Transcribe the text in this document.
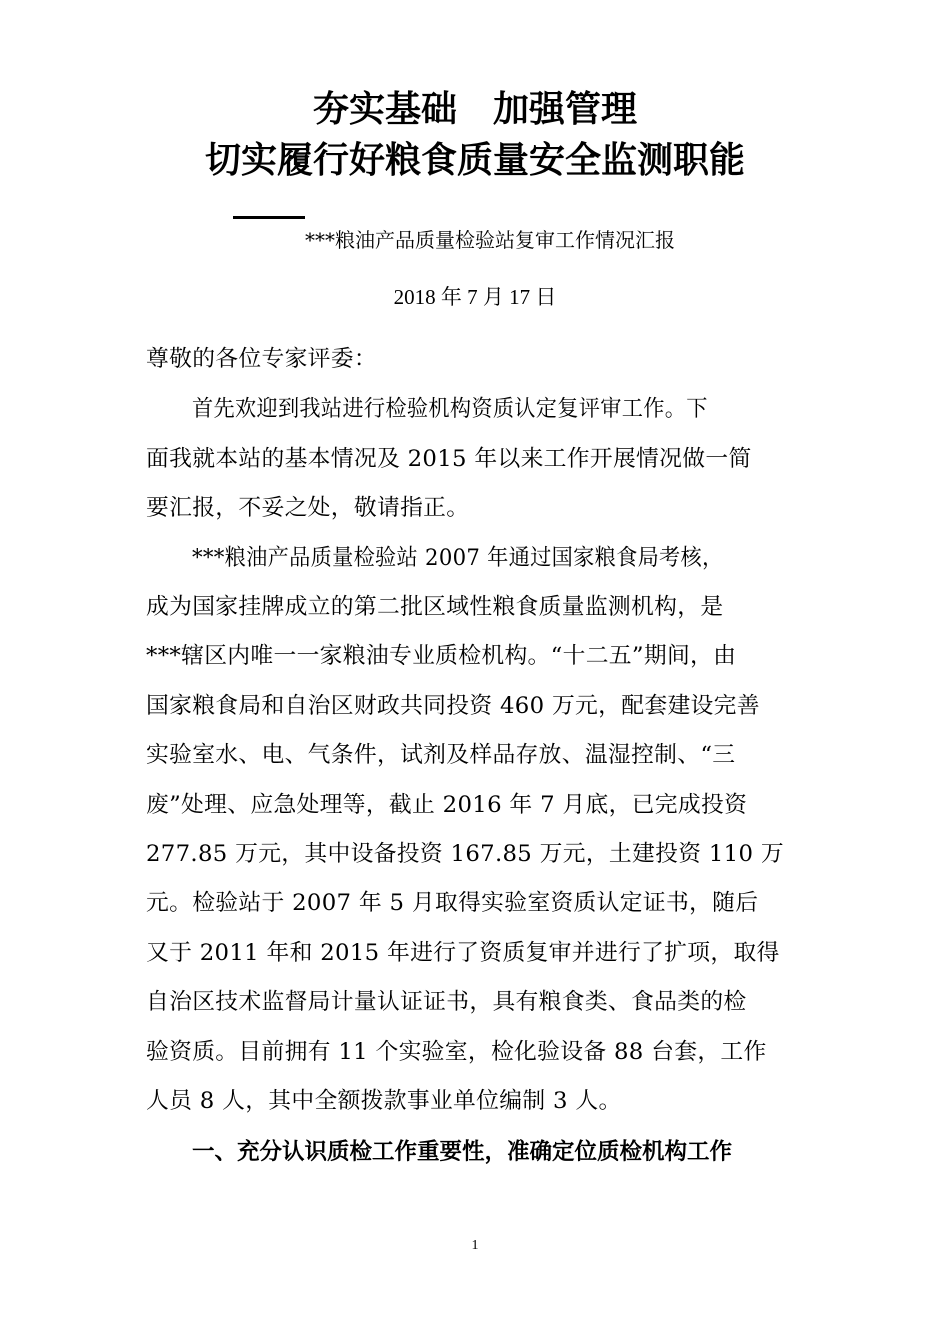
夯实基础　加强管理
切实履行好粮食质量安全监测职能
***粮油产品质量检验站复审工作情况汇报
2018 年 7 月 17 日
尊敬的各位专家评委：
首先欢迎到我站进行检验机构资质认定复评审工作。下
面我就本站的基本情况及 2015 年以来工作开展情况做一简
要汇报，不妥之处，敬请指正。
***粮油产品质量检验站 2007 年通过国家粮食局考核，
成为国家挂牌成立的第二批区域性粮食质量监测机构，是
***辖区内唯一一家粮油专业质检机构。“十二五”期间，由
国家粮食局和自治区财政共同投资 460 万元，配套建设完善
实验室水、电、气条件，试剂及样品存放、温湿控制、“三
废”处理、应急处理等，截止 2016 年 7 月底，已完成投资
277.85 万元，其中设备投资 167.85 万元，土建投资 110 万
元。检验站于 2007 年 5 月取得实验室资质认定证书，随后
又于 2011 年和 2015 年进行了资质复审并进行了扩项，取得
自治区技术监督局计量认证证书，具有粮食类、食品类的检
验资质。目前拥有 11 个实验室，检化验设备 88 台套，工作
人员 8 人，其中全额拨款事业单位编制 3 人。
一、充分认识质检工作重要性，准确定位质检机构工作
1
